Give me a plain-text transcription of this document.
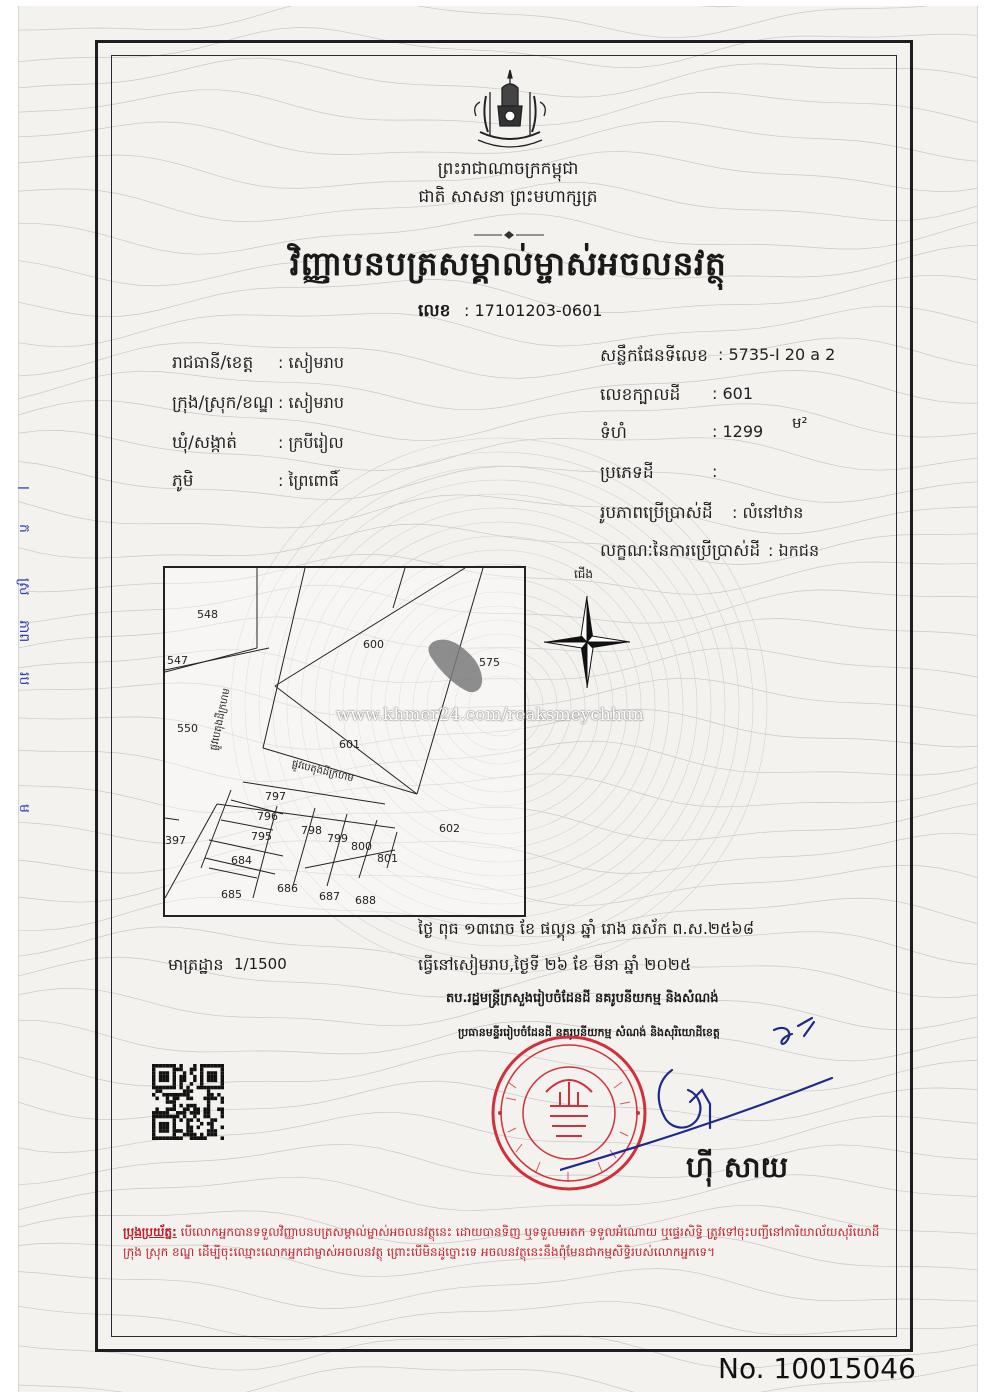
ព្រះរាជាណាចក្រកម្ពុជា
ជាតិ សាសនា ព្រះមហាក្សត្រ
វិញ្ញាបនបត្រសម្គាល់ម្ចាស់អចលនវត្ថុ
លេខ : 17101203-0601
រាជធានី/ខេត្ត : សៀមរាប
ក្រុង/ស្រុក/ខណ្ឌ : សៀមរាប
ឃុំ/សង្កាត់	: ក្របីរៀល
ភូមិ	: ព្រៃពោធិ៍
សន្លឹកផែនទីលេខ : 5735-I 20 a 2
លេខក្បាលដី : 601
ទំហំ	: 1299 ម²
ប្រភេទដី	:
រូបភាពប្រើប្រាស់ដី : លំនៅឋាន
លក្ខណៈនៃការប្រើប្រាស់ដី : ឯកជន
548
547
550
600
575
601
397
797
796
795	798
799
800
801
602
684
685	686
687 688
ផ្លូវបេតុងដីក្រហម
ផ្លូវបេតុងដីក្រហម
ជើង
www.khmer24.com/reaksmeychhun
ថ្ងៃ ពុធ ១៣រោច ខែ ផល្គុន ឆ្នាំ រោង ឆស័ក ព.ស.២៥៦៨
មាត្រដ្ឋាន 1/1500	ធ្វើនៅសៀមរាប,ថ្ងៃទី ២៦ ខែ មីនា ឆ្នាំ ២០២៥
តប.រដ្ឋមន្ត្រីក្រសួងរៀបចំដែនដី នគរូបនីយកម្ម និងសំណង់
ប្រធានមន្ទីររៀបចំដែនដី នគរូបនីយកម្ម សំណង់ និងសុរិយោដីខេត្ត
ហ៊ី សាយ
ប្រុងប្រយ័ត្ន: បើលោកអ្នកបានទទួលវិញ្ញាបនបត្រសម្គាល់ម្ចាស់អចលនវត្ថុនេះ ដោយបានទិញ ឬទទួលមរតក ទទួលអំណោយ ឬផ្ទេរសិទ្ធិ ត្រូវទៅចុះបញ្ជីនៅការិយាល័យសុរិយោដីក្រុង ស្រុក ខណ្ឌ ដើម្បីចុះឈ្មោះលោកអ្នកជាម្ចាស់អចលនវត្ថុ ព្រោះបើមិនដូច្នោះទេ អចលនវត្ថុនេះនឹងពុំមែនជាកម្មសិទ្ធិរបស់លោកអ្នកទេ។
No. 10015046
l
ក
ស្រ
ភាព
រប
ម
